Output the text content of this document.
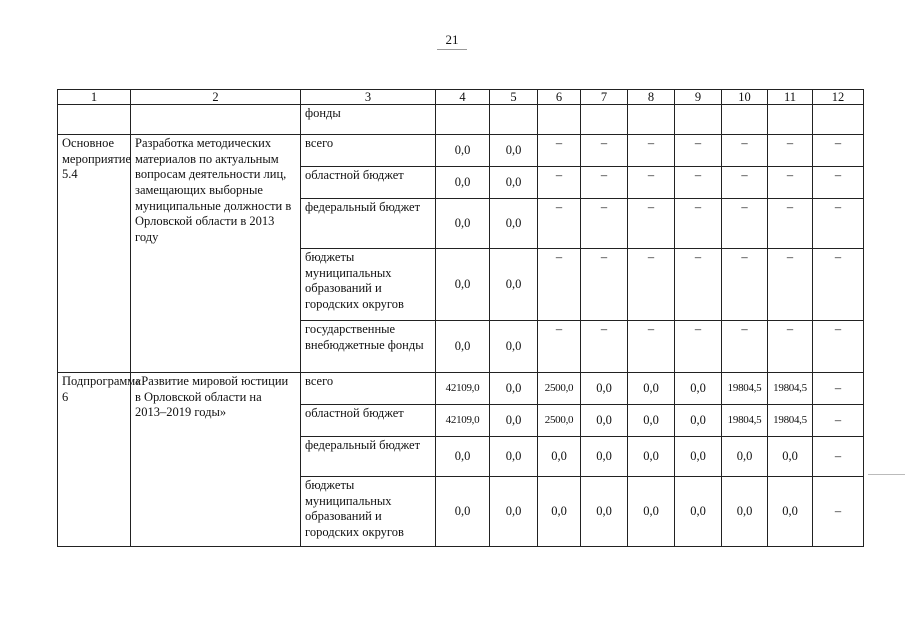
21
1	2	3	4	5	6	7	8	9	10	11	12
		фонды									
Основное мероприятие 5.4	Разработка методических материалов по актуальным вопросам деятельности лиц, замещающих выборные муниципальные должности в Орловской области в 2013 году	всего	0,0	0,0	–	–	–	–	–	–	–
		областной бюджет	0,0	0,0	–	–	–	–	–	–	–
		федеральный бюджет	0,0	0,0	–	–	–	–	–	–	–
		бюджеты муниципальных образований и городских округов	0,0	0,0	–	–	–	–	–	–	–
		государственные внебюджетные фонды	0,0	0,0	–	–	–	–	–	–	–
Подпрограмма 6	«Развитие мировой юстиции в Орловской области на 2013–2019 годы»	всего	42109,0	0,0	2500,0	0,0	0,0	0,0	19804,5	19804,5	–
		областной бюджет	42109,0	0,0	2500,0	0,0	0,0	0,0	19804,5	19804,5	–
		федеральный бюджет	0,0	0,0	0,0	0,0	0,0	0,0	0,0	0,0	–
		бюджеты муниципальных образований и городских округов	0,0	0,0	0,0	0,0	0,0	0,0	0,0	0,0	–
